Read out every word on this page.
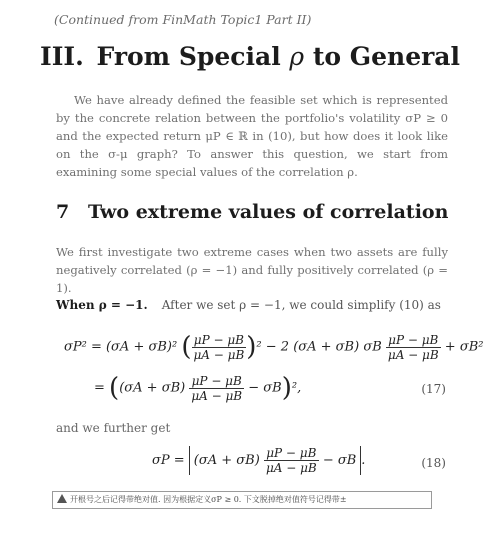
(Continued from FinMath Topic1 Part II)
III. From Special ρ to General

We have already defined the feasible set which is represented by the concrete relation between the portfolio's volatility σP ≥ 0 and the expected return μP ∈ ℝ in (10), but how does it look like on the σ-μ graph? To answer this question, we start from examining some special values of the correlation ρ.

7 Two extreme values of correlation

We first investigate two extreme cases when two assets are fully negatively correlated (ρ = −1) and fully positively correlated (ρ = 1).

When ρ = −1. After we set ρ = −1, we could simplify (10) as
σP² = (σA + σB)² ( $\frac{\mu P - \mu B}{\mu A - \mu B} )^2 - 2$ (σA + σB) σB $\frac{\mu P - \mu B}{\mu A - \mu B} + \sigma B^2$
= $((\sigma A + \sigma B) \frac{\mu P - \mu B}{\mu A - \mu B} - \sigma B)^2$,	(17)
and we further get
$\sigma P = (\sigma A + \sigma B) \frac{\mu P - \mu B}{\mu A - \mu B} - \sigma B$ .	(18)
开根号之后记得带绝对值. 因为根据定义σP ≥ 0. 下文脱掉绝对值符号记得带±
